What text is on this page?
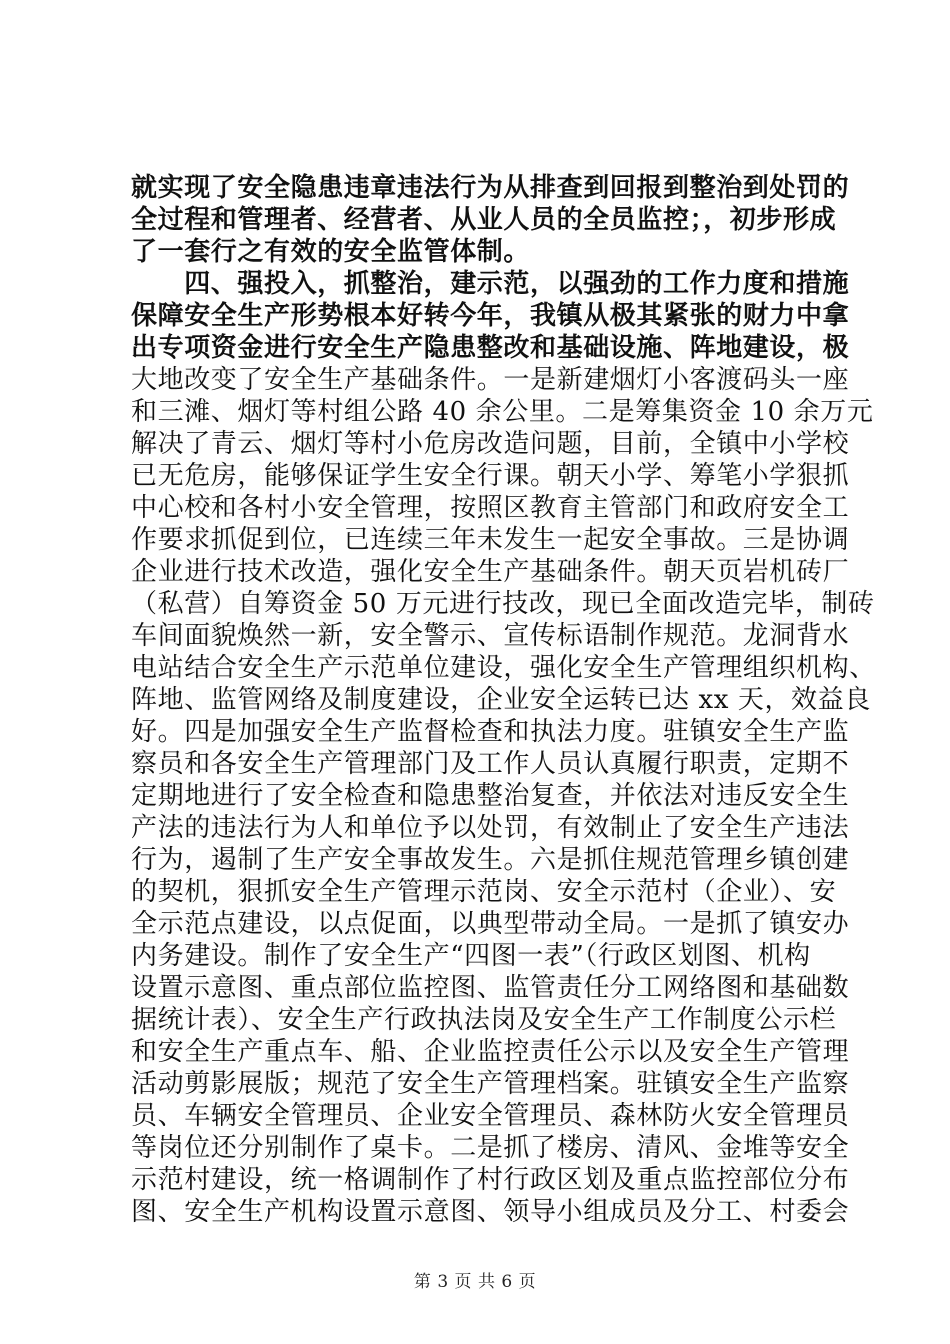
就实现了安全隐患违章违法行为从排查到回报到整治到处罚的
全过程和管理者、经营者、从业人员的全员监控；，初步形成
了一套行之有效的安全监管体制。
　　四、强投入，抓整治，建示范，以强劲的工作力度和措施
保障安全生产形势根本好转今年，我镇从极其紧张的财力中拿
出专项资金进行安全生产隐患整改和基础设施、阵地建设，极
大地改变了安全生产基础条件。一是新建烟灯小客渡码头一座
和三滩、烟灯等村组公路 40 余公里。二是筹集资金 10 余万元
解决了青云、烟灯等村小危房改造问题，目前，全镇中小学校
已无危房，能够保证学生安全行课。朝天小学、筹笔小学狠抓
中心校和各村小安全管理，按照区教育主管部门和政府安全工
作要求抓促到位，已连续三年未发生一起安全事故。三是协调
企业进行技术改造，强化安全生产基础条件。朝天页岩机砖厂
（私营）自筹资金 50 万元进行技改，现已全面改造完毕，制砖
车间面貌焕然一新，安全警示、宣传标语制作规范。龙洞背水
电站结合安全生产示范单位建设，强化安全生产管理组织机构、
阵地、监管网络及制度建设，企业安全运转已达 xx 天，效益良
好。四是加强安全生产监督检查和执法力度。驻镇安全生产监
察员和各安全生产管理部门及工作人员认真履行职责，定期不
定期地进行了安全检查和隐患整治复查，并依法对违反安全生
产法的违法行为人和单位予以处罚，有效制止了安全生产违法
行为，遏制了生产安全事故发生。六是抓住规范管理乡镇创建
的契机，狠抓安全生产管理示范岗、安全示范村（企业）、安
全示范点建设，以点促面，以典型带动全局。一是抓了镇安办
内务建设。制作了安全生产“四图一表”（行政区划图、机构
设置示意图、重点部位监控图、监管责任分工网络图和基础数
据统计表）、安全生产行政执法岗及安全生产工作制度公示栏
和安全生产重点车、船、企业监控责任公示以及安全生产管理
活动剪影展版；规范了安全生产管理档案。驻镇安全生产监察
员、车辆安全管理员、企业安全管理员、森林防火安全管理员
等岗位还分别制作了桌卡。二是抓了楼房、清风、金堆等安全
示范村建设，统一格调制作了村行政区划及重点监控部位分布
图、安全生产机构设置示意图、领导小组成员及分工、村委会
第 3 页 共 6 页
